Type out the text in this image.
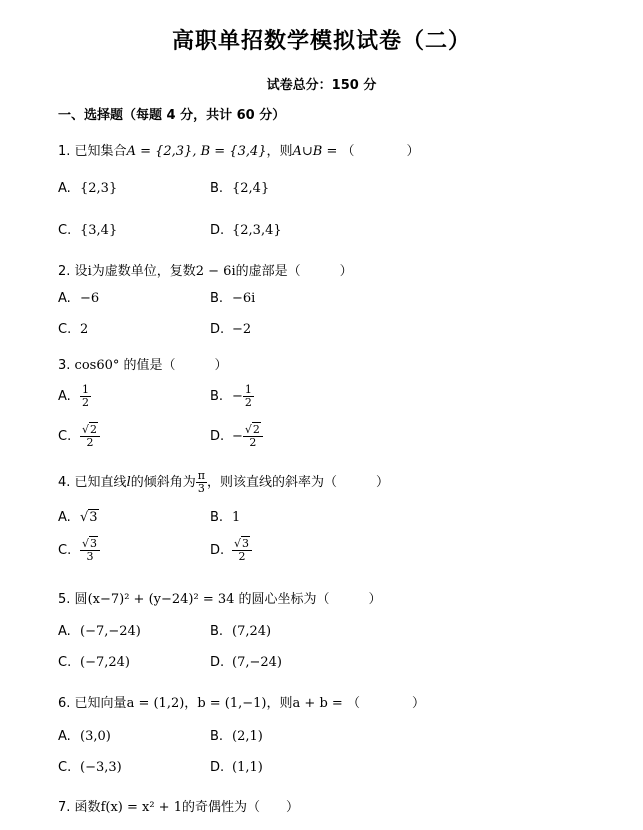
高职单招数学模拟试卷（二）
试卷总分：150 分
一、选择题（每题 4 分，共计 60 分）
1. 已知集合A = {2,3}, B = {3,4}，则A∪B = （　　　　）
A. {2,3}	B. {2,4}
C. {3,4}	D. {2,3,4}
2. 设i为虚数单位，复数2 − 6i的虚部是（　　　）
A. −6	B. −6i
C. 2	D. −2
3. cos60° 的值是（　　　）
A. $\frac{1}{2}$	B. − $\frac{1}{2}$
C. $\frac{√2}{2}$	D. − $\frac{√2}{2}$
4. 已知直线l的倾斜角为 $\frac{\pi}{3}$ ，则该直线的斜率为（　　　）
A. √3	B. 1
C. $\frac{√3}{3}$	D. $\frac{√3}{2}$
5. 圆(x−7)² + (y−24)² = 34 的圆心坐标为（　　　）
A. (−7,−24)	B. (7,24)
C. (−7,24)	D. (7,−24)
6. 已知向量a = (1,2)，b = (1,−1)，则a + b = （　　　　）
A. (3,0)	B. (2,1)
C. (−3,3)	D. (1,1)
7. 函数f(x) = x² + 1的奇偶性为（　　）
